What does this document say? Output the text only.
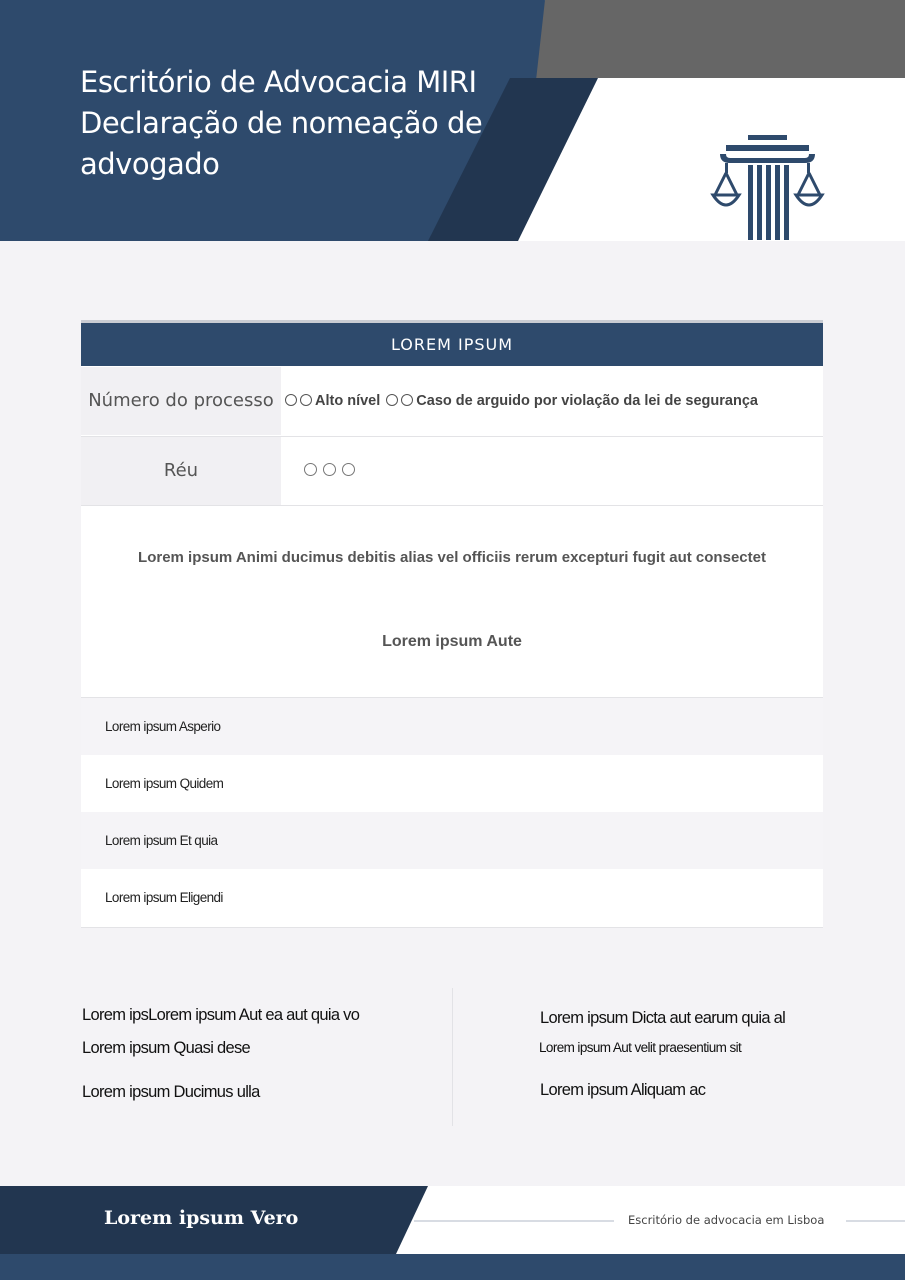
Escritório de Advocacia MIRI
Declaração de nomeação de
advogado
LOREM IPSUM
Número do processo	Alto nível Caso de arguido por violação da lei de segurança
Réu
Lorem ipsum Animi ducimus debitis alias vel officiis rerum excepturi fugit aut consectet
Lorem ipsum Aute
Lorem ipsum Asperio
Lorem ipsum Quidem
Lorem ipsum Et quia
Lorem ipsum Eligendi
Lorem ipsLorem ipsum Aut ea aut quia vo
Lorem ipsum Quasi dese
Lorem ipsum Ducimus ulla
Lorem ipsum Dicta aut earum quia al
Lorem ipsum Aut velit praesentium sit
Lorem ipsum Aliquam ac
Lorem ipsum Vero	Escritório de advocacia em Lisboa
